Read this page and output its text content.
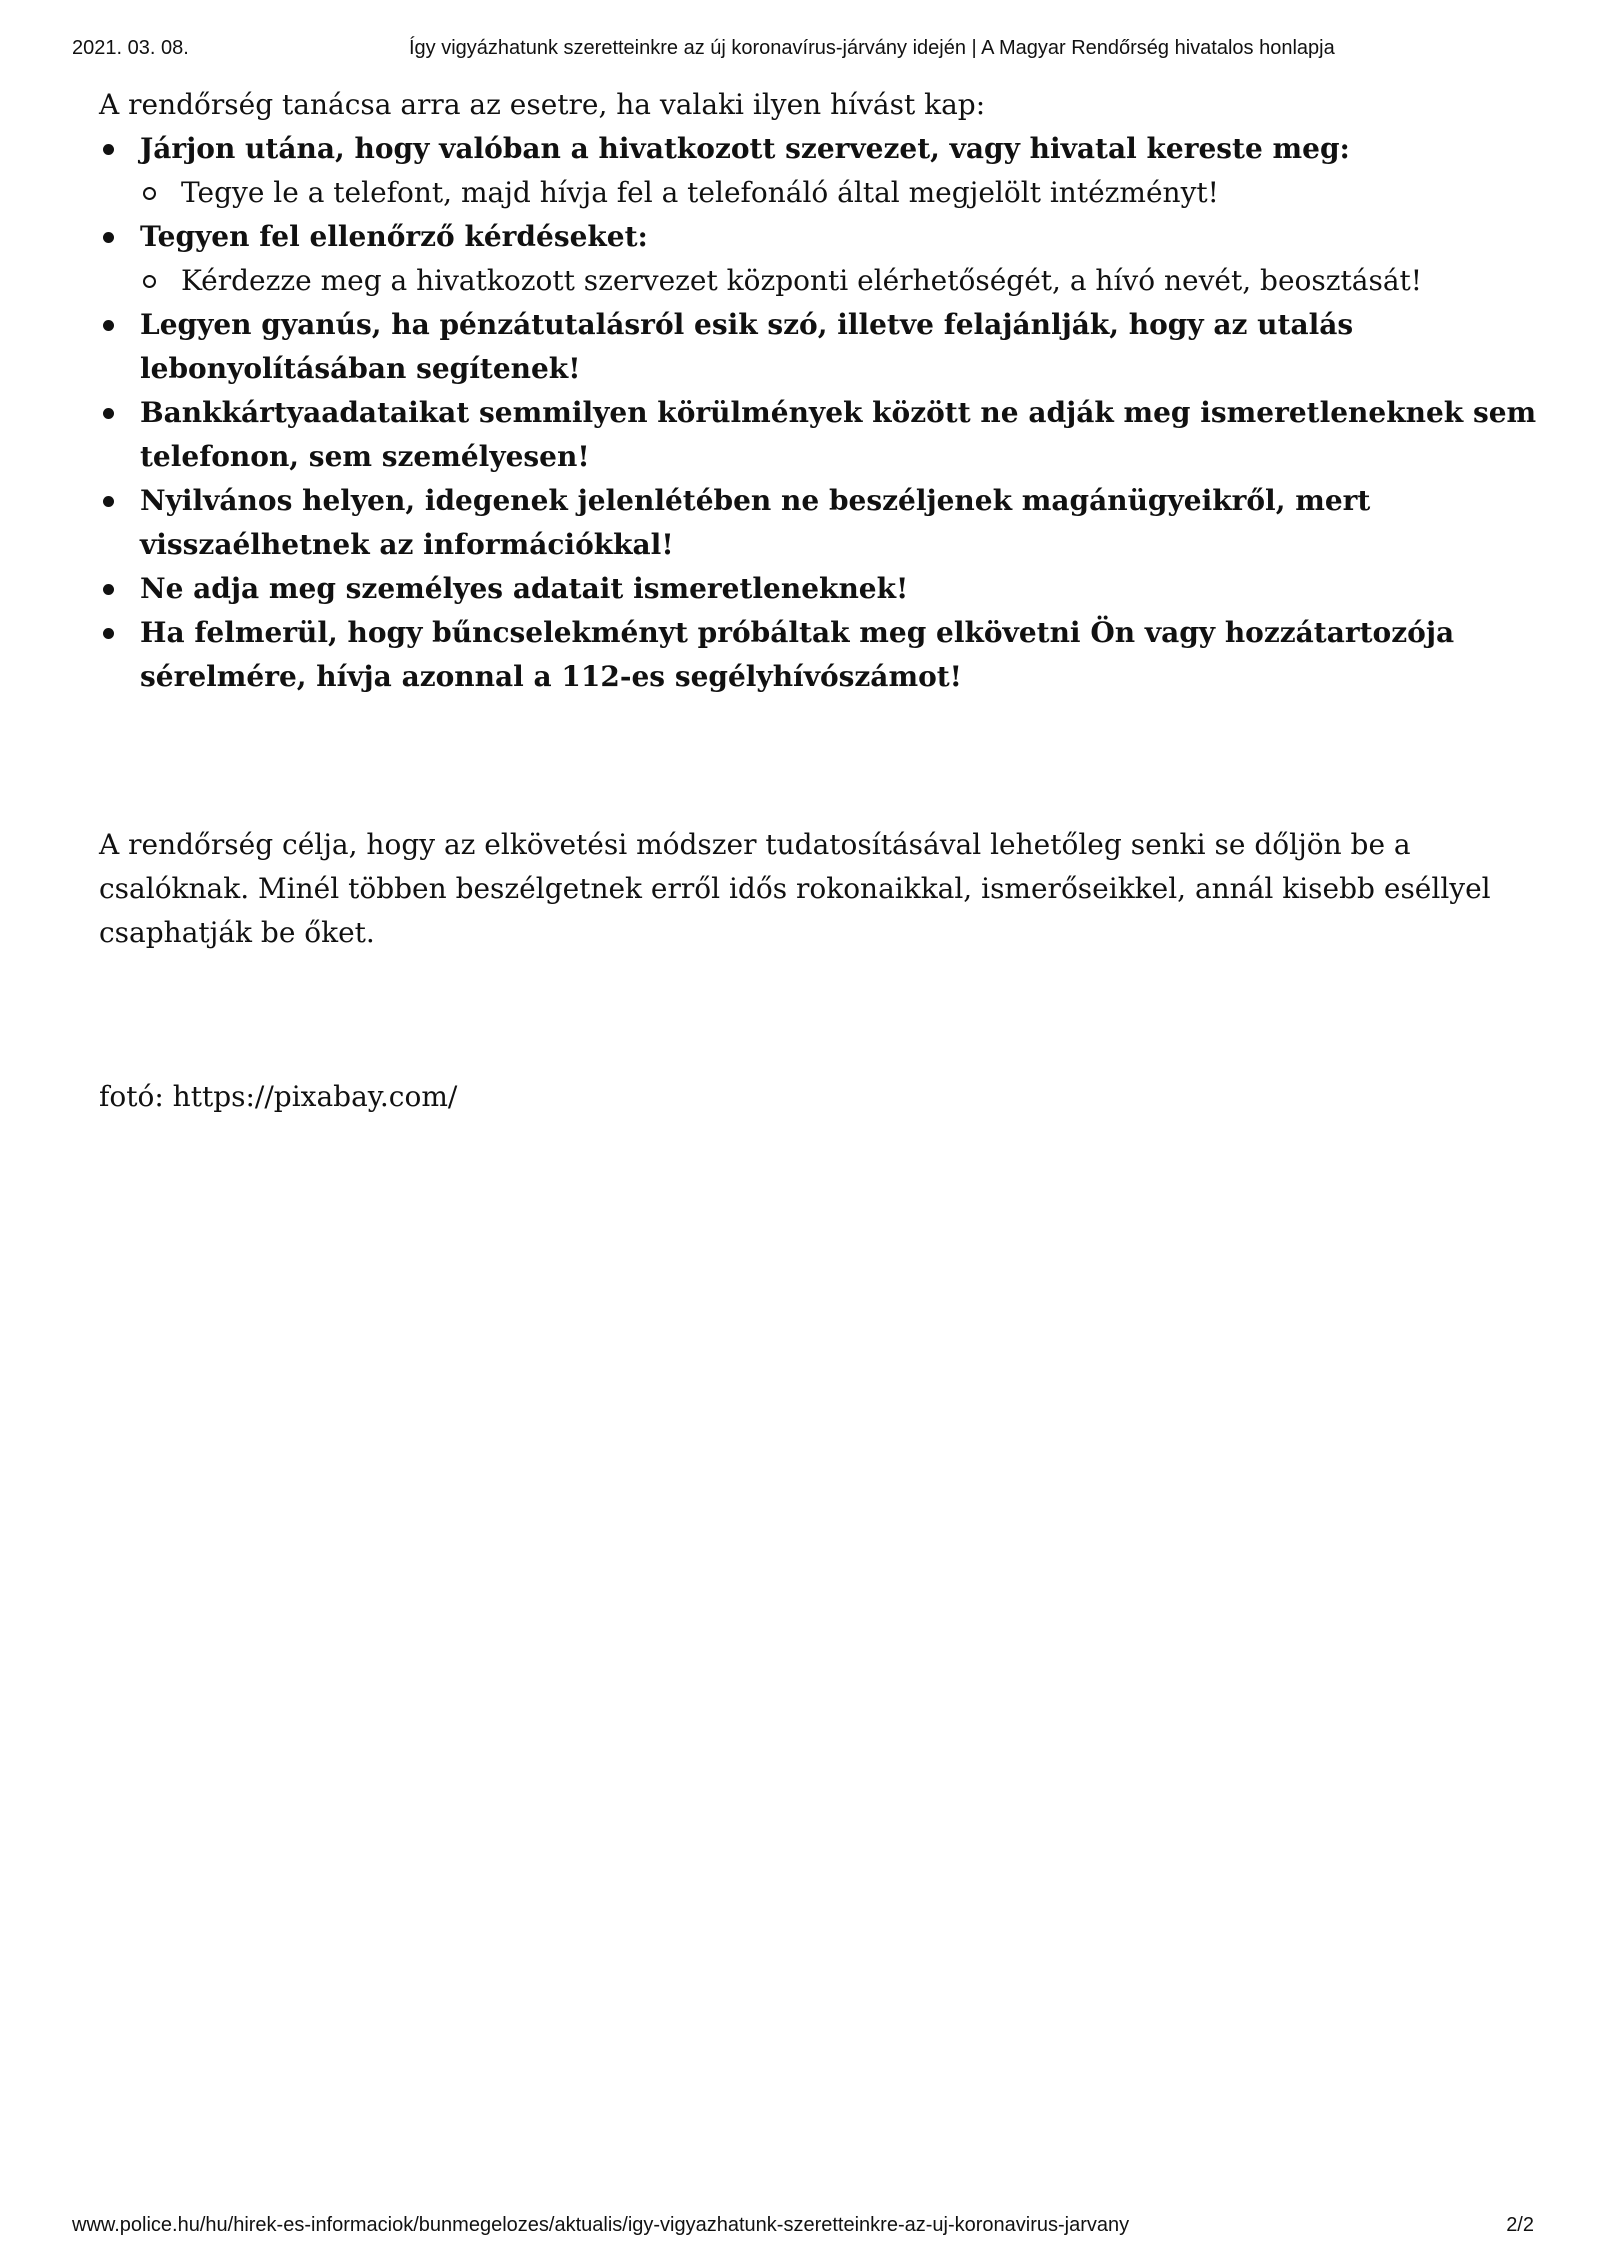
2021. 03. 08.	Így vigyázhatunk szeretteinkre az új koronavírus-járvány idején | A Magyar Rendőrség hivatalos honlapja

A rendőrség tanácsa arra az esetre, ha valaki ilyen hívást kap:

Járjon utána, hogy valóban a hivatkozott szervezet, vagy hivatal kereste meg:
Tegye le a telefont, majd hívja fel a telefonáló által megjelölt intézményt!
Tegyen fel ellenőrző kérdéseket:
Kérdezze meg a hivatkozott szervezet központi elérhetőségét, a hívó nevét, beosztását!
Legyen gyanús, ha pénzátutalásról esik szó, illetve felajánlják, hogy az utalás lebonyolításában segítenek!
Bankkártyaadataikat semmilyen körülmények között ne adják meg ismeretleneknek sem telefonon, sem személyesen!
Nyilvános helyen, idegenek jelenlétében ne beszéljenek magánügyeikről, mert visszaélhetnek az információkkal!
Ne adja meg személyes adatait ismeretleneknek!
Ha felmerül, hogy bűncselekményt próbáltak meg elkövetni Ön vagy hozzátartozója sérelmére, hívja azonnal a 112-es segélyhívószámot!

A rendőrség célja, hogy az elkövetési módszer tudatosításával lehetőleg senki se dőljön be a csalóknak. Minél többen beszélgetnek erről idős rokonaikkal, ismerőseikkel, annál kisebb eséllyel csaphatják be őket.

fotó: https://pixabay.com/

www.police.hu/hu/hirek-es-informaciok/bunmegelozes/aktualis/igy-vigyazhatunk-szeretteinkre-az-uj-koronavirus-jarvany	2/2
